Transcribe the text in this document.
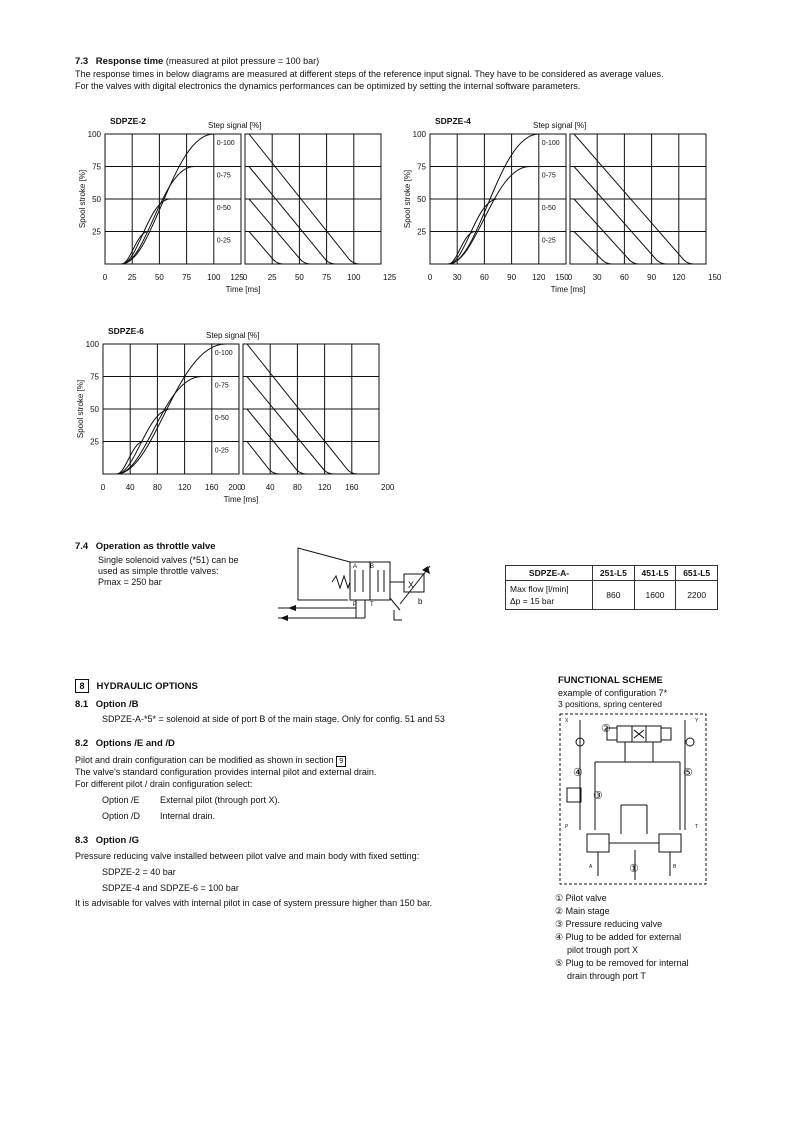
7.3 Response time (measured at pilot pressure = 100 bar)
The response times in below diagrams are measured at different steps of the reference input signal. They have to be considered as average values.
For the valves with digital electronics the dynamics performances can be optimized by setting the internal software parameters.
SDPZE-2	Step signal [%]
Spool stroke [%]
Time [ms]
0	25 50 75 100 125 0	25 50 75 100	125
25
50
75
100
0-100
0-75
0-50
0-25
SDPZE-4	Step signal [%]
Spool stroke [%]
Time [ms]
0	30 60 90 120 150 0	30 60 90 120	150
25
50
75
100
0-100
0-75
0-50
0-25
SDPZE-6	Step signal [%]
Spool stroke [%]
Time [ms]
0	40 80 120 160 200 0	40 80 120 160	200
25
50
75
100
0-100
0-75
0-50
0-25
7.4 Operation as throttle valve
Single solenoid valves (*51) can be
used as simple throttle valves:
Pmax = 250 bar
A B
P T
X
b
SDPZE-A-	251-L5	451-L5	651-L5
Max flow [l/min]
Δp = 15 bar	860	1600	2200
8 HYDRAULIC OPTIONS
8.1 Option /B
SDPZE-A-*5* = solenoid at side of port B of the main stage. Only for config. 51 and 53
8.2 Options /E and /D
Pilot and drain configuration can be modified as shown in section 9
The valve's standard configuration provides internal pilot and external drain.
For different pilot / drain configuration select:
Option /E External pilot (through port X).
Option /D Internal drain.
8.3 Option /G
Pressure reducing valve installed between pilot valve and main body with fixed setting:
SDPZE-2 = 40 bar
SDPZE-4 and SDPZE-6 = 100 bar
It is advisable for valves with internal pilot in case of system pressure higher than 150 bar.
FUNCTIONAL SCHEME
example of configuration 7*
3 positions, spring centered
②
④	⑤
③
①
X	Y
P	T
A	B
① Pilot valve
② Main stage
③ Pressure reducing valve
④ Plug to be added for external
pilot trough port X
⑤ Plug to be removed for internal
drain through port T
